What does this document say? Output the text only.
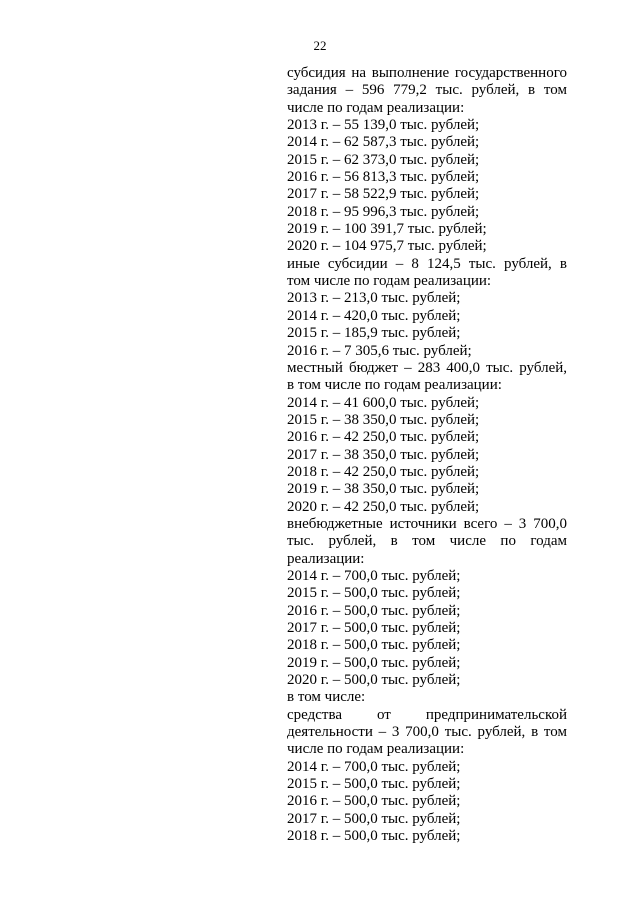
22
субсидия на выполнение государственного
задания – 596 779,2 тыс. рублей, в том
числе по годам реализации:
2013 г. – 55 139,0 тыс. рублей;
2014 г. – 62 587,3 тыс. рублей;
2015 г. – 62 373,0 тыс. рублей;
2016 г. – 56 813,3 тыс. рублей;
2017 г. – 58 522,9 тыс. рублей;
2018 г. – 95 996,3 тыс. рублей;
2019 г. – 100 391,7 тыс. рублей;
2020 г. – 104 975,7 тыс. рублей;
иные субсидии – 8 124,5 тыс. рублей, в
том числе по годам реализации:
2013 г. – 213,0 тыс. рублей;
2014 г. – 420,0 тыс. рублей;
2015 г. – 185,9 тыс. рублей;
2016 г. – 7 305,6 тыс. рублей;
местный бюджет – 283 400,0 тыс. рублей,
в том числе по годам реализации:
2014 г. – 41 600,0 тыс. рублей;
2015 г. – 38 350,0 тыс. рублей;
2016 г. – 42 250,0 тыс. рублей;
2017 г. – 38 350,0 тыс. рублей;
2018 г. – 42 250,0 тыс. рублей;
2019 г. – 38 350,0 тыс. рублей;
2020 г. – 42 250,0 тыс. рублей;
внебюджетные источники всего – 3 700,0
тыс. рублей, в том числе по годам
реализации:
2014 г. – 700,0 тыс. рублей;
2015 г. – 500,0 тыс. рублей;
2016 г. – 500,0 тыс. рублей;
2017 г. – 500,0 тыс. рублей;
2018 г. – 500,0 тыс. рублей;
2019 г. – 500,0 тыс. рублей;
2020 г. – 500,0 тыс. рублей;
в том числе:
средства от предпринимательской
деятельности – 3 700,0 тыс. рублей, в том
числе по годам реализации:
2014 г. – 700,0 тыс. рублей;
2015 г. – 500,0 тыс. рублей;
2016 г. – 500,0 тыс. рублей;
2017 г. – 500,0 тыс. рублей;
2018 г. – 500,0 тыс. рублей;
